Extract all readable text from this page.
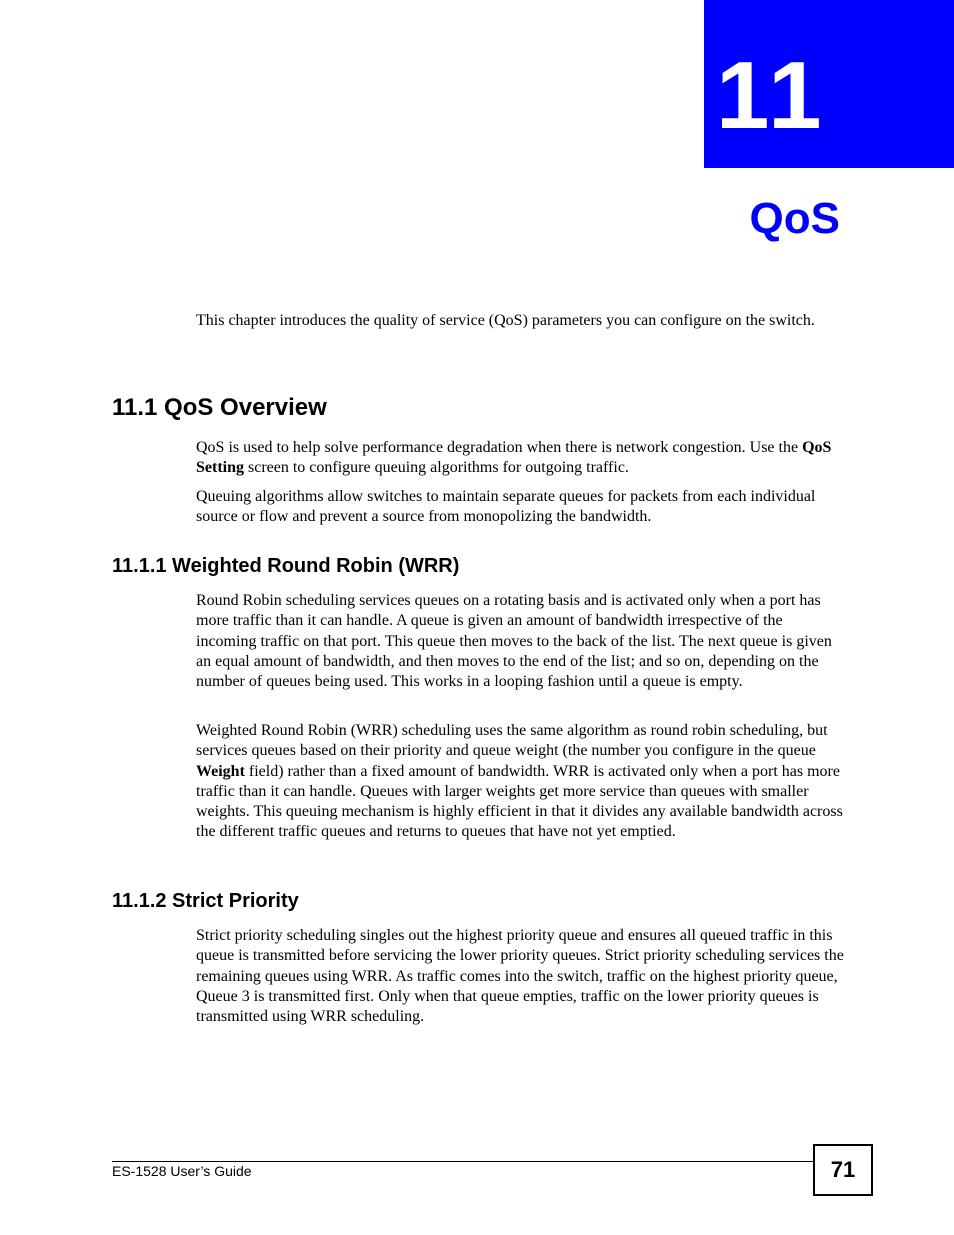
11
QoS

This chapter introduces the quality of service (QoS) parameters you can configure on the switch.

11.1 QoS Overview

QoS is used to help solve performance degradation when there is network congestion. Use the QoS Setting screen to configure queuing algorithms for outgoing traffic.

Queuing algorithms allow switches to maintain separate queues for packets from each individual source or flow and prevent a source from monopolizing the bandwidth.

11.1.1 Weighted Round Robin (WRR)

Round Robin scheduling services queues on a rotating basis and is activated only when a port has more traffic than it can handle. A queue is given an amount of bandwidth irrespective of the incoming traffic on that port. This queue then moves to the back of the list. The next queue is given an equal amount of bandwidth, and then moves to the end of the list; and so on, depending on the number of queues being used. This works in a looping fashion until a queue is empty.

Weighted Round Robin (WRR) scheduling uses the same algorithm as round robin scheduling, but services queues based on their priority and queue weight (the number you configure in the queue Weight field) rather than a fixed amount of bandwidth. WRR is activated only when a port has more traffic than it can handle. Queues with larger weights get more service than queues with smaller weights. This queuing mechanism is highly efficient in that it divides any available bandwidth across the different traffic queues and returns to queues that have not yet emptied.

11.1.2 Strict Priority

Strict priority scheduling singles out the highest priority queue and ensures all queued traffic in this queue is transmitted before servicing the lower priority queues. Strict priority scheduling services the remaining queues using WRR. As traffic comes into the switch, traffic on the highest priority queue, Queue 3 is transmitted first. Only when that queue empties, traffic on the lower priority queues is transmitted using WRR scheduling.

ES-1528 User’s Guide	71
